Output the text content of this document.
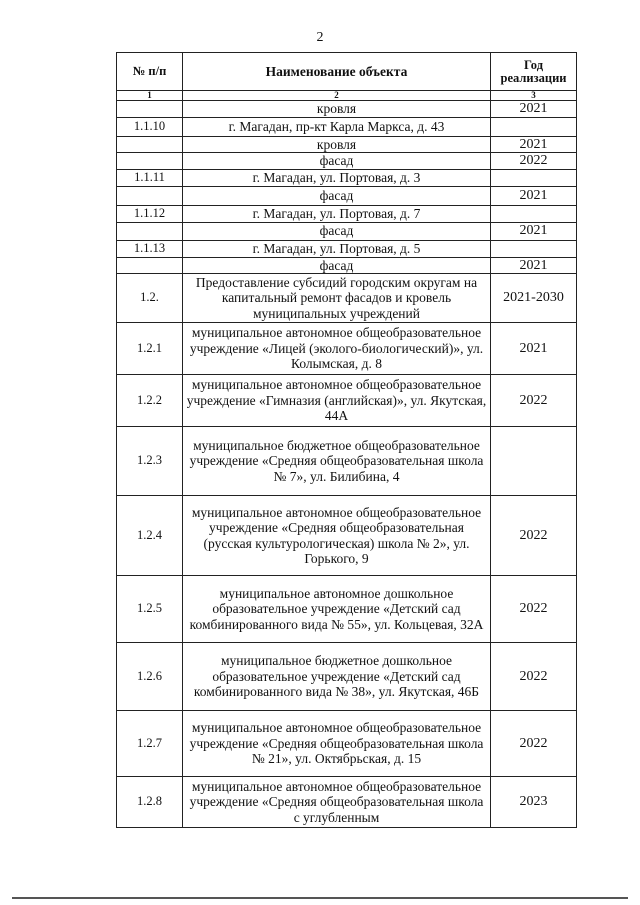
2
№ п/п	Наименование объекта	Год реализации
1	2	3
	кровля	2021
1.1.10	г. Магадан, пр-кт Карла Маркса, д. 43	
	кровля	2021
	фасад	2022
1.1.11	г. Магадан, ул. Портовая, д. 3	
	фасад	2021
1.1.12	г. Магадан, ул. Портовая, д. 7	
	фасад	2021
1.1.13	г. Магадан, ул. Портовая, д. 5	
	фасад	2021
1.2.	Предоставление субсидий городским округам на капитальный ремонт фасадов и кровель муниципальных учреждений	2021-2030
1.2.1	муниципальное автономное общеобразовательное учреждение «Лицей (эколого-биологический)», ул. Колымская, д. 8	2021
1.2.2	муниципальное автономное общеобразовательное учреждение «Гимназия (английская)», ул. Якутская, 44А	2022
1.2.3	муниципальное бюджетное общеобразовательное учреждение «Средняя общеобразовательная школа № 7», ул. Билибина, 4	
1.2.4	муниципальное автономное общеобразовательное учреждение «Средняя общеобразовательная (русская культурологическая) школа № 2», ул. Горького, 9	2022
1.2.5	муниципальное автономное дошкольное образовательное учреждение «Детский сад комбинированного вида № 55», ул. Кольцевая, 32А	2022
1.2.6	муниципальное бюджетное дошкольное образовательное учреждение «Детский сад комбинированного вида № 38», ул. Якутская, 46Б	2022
1.2.7	муниципальное автономное общеобразовательное учреждение «Средняя общеобразовательная школа № 21», ул. Октябрьская, д. 15	2022
1.2.8	муниципальное автономное общеобразовательное учреждение «Средняя общеобразовательная школа с углубленным	2023
